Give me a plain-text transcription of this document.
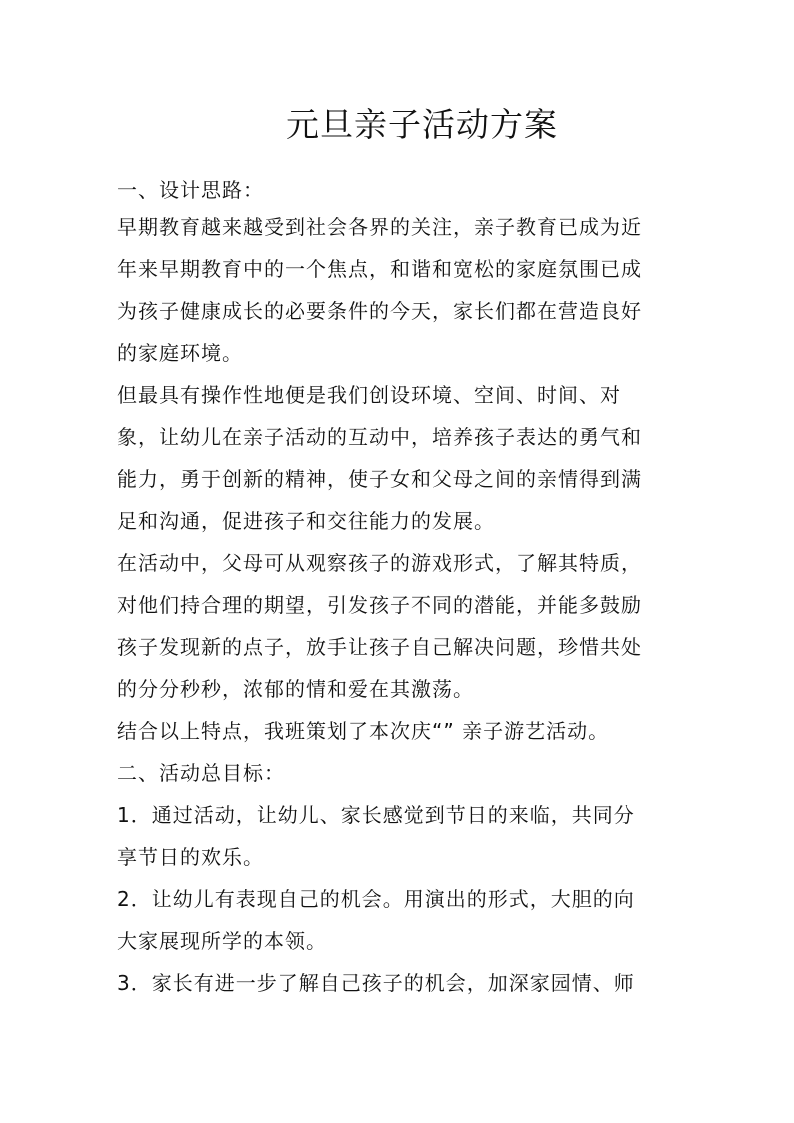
元旦亲子活动方案
一、设计思路：
早期教育越来越受到社会各界的关注，亲子教育已成为近
年来早期教育中的一个焦点，和谐和宽松的家庭氛围已成
为孩子健康成长的必要条件的今天，家长们都在营造良好
的家庭环境。
但最具有操作性地便是我们创设环境、空间、时间、对
象，让幼儿在亲子活动的互动中，培养孩子表达的勇气和
能力，勇于创新的精神，使子女和父母之间的亲情得到满
足和沟通，促进孩子和交往能力的发展。
在活动中，父母可从观察孩子的游戏形式，了解其特质，
对他们持合理的期望，引发孩子不同的潜能，并能多鼓励
孩子发现新的点子，放手让孩子自己解决问题，珍惜共处
的分分秒秒，浓郁的情和爱在其激荡。
结合以上特点，我班策划了本次庆“” 亲子游艺活动。
二、活动总目标：
1．通过活动，让幼儿、家长感觉到节日的来临，共同分
享节日的欢乐。
2．让幼儿有表现自己的机会。用演出的形式，大胆的向
大家展现所学的本领。
3．家长有进一步了解自己孩子的机会，加深家园情、师
